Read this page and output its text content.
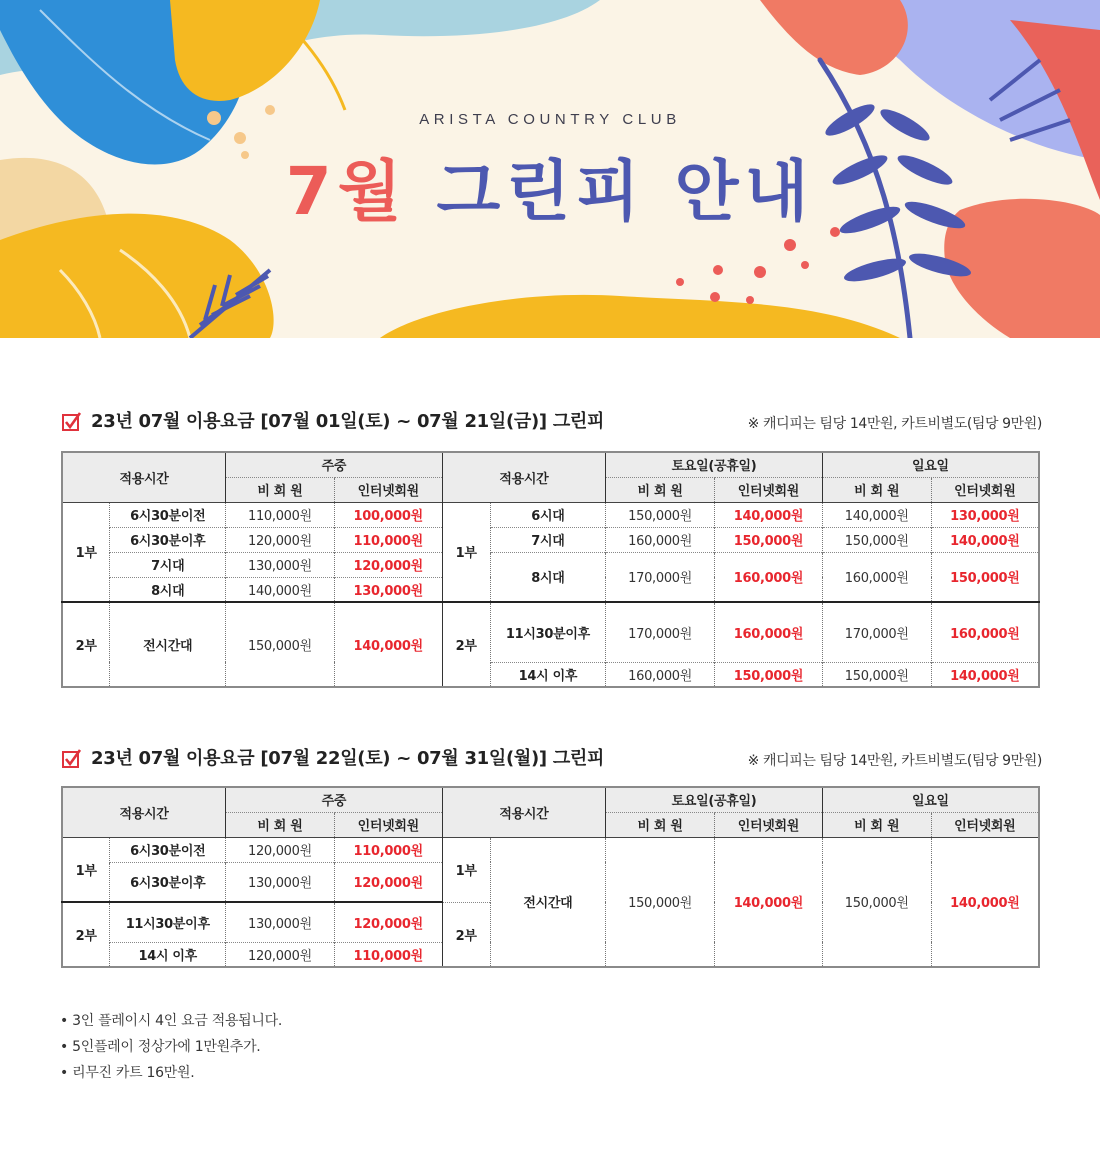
ARISTA COUNTRY CLUB
7월 그린피 안내
23년 07월 이용요금 [07월 01일(토) ~ 07월 21일(금)] 그린피	※ 캐디피는 팀당 14만원, 카트비별도(팀당 9만원)
적용시간		주중		적용시간		토요일(공휴일)		일요일	
		비 회 원	인터넷회원			비 회 원	인터넷회원	비 회 원	인터넷회원
1부	6시30분이전	110,000원	100,000원	1부	6시대	150,000원	140,000원	140,000원	130,000원
	6시30분이후	120,000원	110,000원		7시대	160,000원	150,000원	150,000원	140,000원
	7시대	130,000원	120,000원		8시대	170,000원	160,000원	160,000원	150,000원
	8시대	140,000원	130,000원						
2부	전시간대	150,000원	140,000원	2부	11시30분이후	170,000원	160,000원	170,000원	160,000원
					14시 이후	160,000원	150,000원	150,000원	140,000원
23년 07월 이용요금 [07월 22일(토) ~ 07월 31일(월)] 그린피	※ 캐디피는 팀당 14만원, 카트비별도(팀당 9만원)
적용시간		주중		적용시간		토요일(공휴일)		일요일	
		비 회 원	인터넷회원			비 회 원	인터넷회원	비 회 원	인터넷회원
1부	6시30분이전	120,000원	110,000원	1부	전시간대	150,000원	140,000원	150,000원	140,000원
	6시30분이후	130,000원	120,000원						
2부	11시30분이후	130,000원	120,000원	2부					
	14시 이후	120,000원	110,000원						
• 3인 플레이시 4인 요금 적용됩니다.
• 5인플레이 정상가에 1만원추가.
• 리무진 카트 16만원.
